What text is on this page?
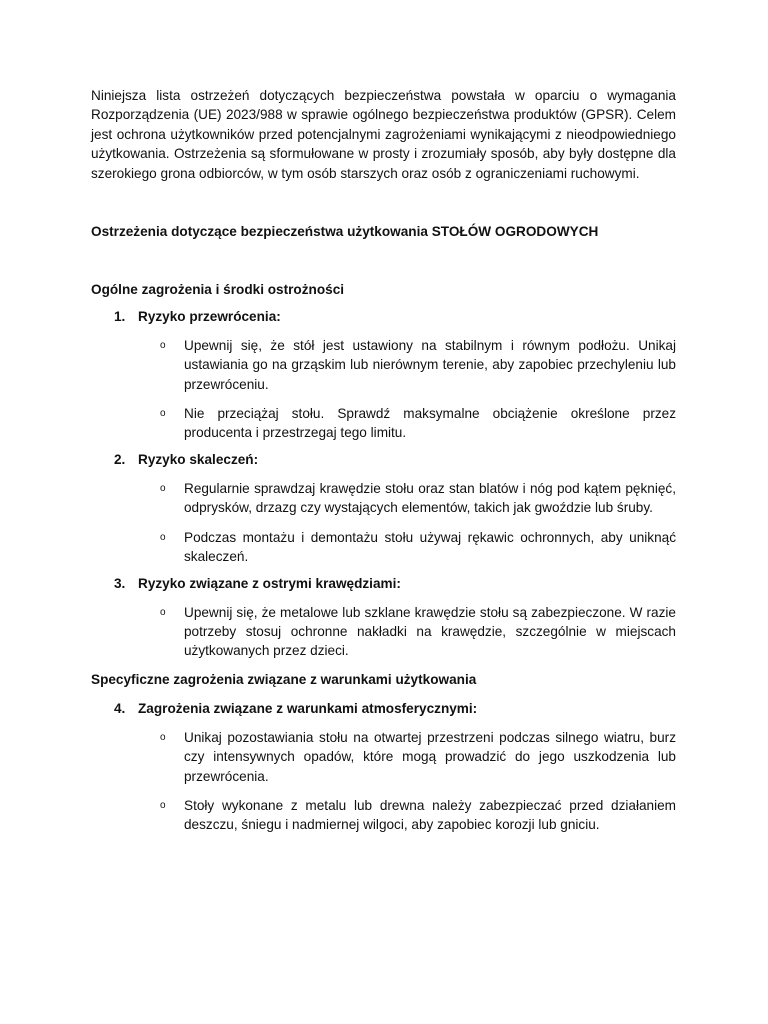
Niniejsza lista ostrzeżeń dotyczących bezpieczeństwa powstała w oparciu o wymagania Rozporządzenia (UE) 2023/988 w sprawie ogólnego bezpieczeństwa produktów (GPSR). Celem jest ochrona użytkowników przed potencjalnymi zagrożeniami wynikającymi z nieodpowiedniego użytkowania. Ostrzeżenia są sformułowane w prosty i zrozumiały sposób, aby były dostępne dla szerokiego grona odbiorców, w tym osób starszych oraz osób z ograniczeniami ruchowymi.

Ostrzeżenia dotyczące bezpieczeństwa użytkowania STOŁÓW OGRODOWYCH

Ogólne zagrożenia i środki ostrożności

1. Ryzyko przewrócenia:
o Upewnij się, że stół jest ustawiony na stabilnym i równym podłożu. Unikaj ustawiania go na grząskim lub nierównym terenie, aby zapobiec przechyleniu lub przewróceniu.
o Nie przeciążaj stołu. Sprawdź maksymalne obciążenie określone przez producenta i przestrzegaj tego limitu.
2. Ryzyko skaleczeń:
o Regularnie sprawdzaj krawędzie stołu oraz stan blatów i nóg pod kątem pęknięć, odprysków, drzazg czy wystających elementów, takich jak gwoździe lub śruby.
o Podczas montażu i demontażu stołu używaj rękawic ochronnych, aby uniknąć skaleczeń.
3. Ryzyko związane z ostrymi krawędziami:
o Upewnij się, że metalowe lub szklane krawędzie stołu są zabezpieczone. W razie potrzeby stosuj ochronne nakładki na krawędzie, szczególnie w miejscach użytkowanych przez dzieci.

Specyficzne zagrożenia związane z warunkami użytkowania

4. Zagrożenia związane z warunkami atmosferycznymi:
o Unikaj pozostawiania stołu na otwartej przestrzeni podczas silnego wiatru, burz czy intensywnych opadów, które mogą prowadzić do jego uszkodzenia lub przewrócenia.
o Stoły wykonane z metalu lub drewna należy zabezpieczać przed działaniem deszczu, śniegu i nadmiernej wilgoci, aby zapobiec korozji lub gniciu.
